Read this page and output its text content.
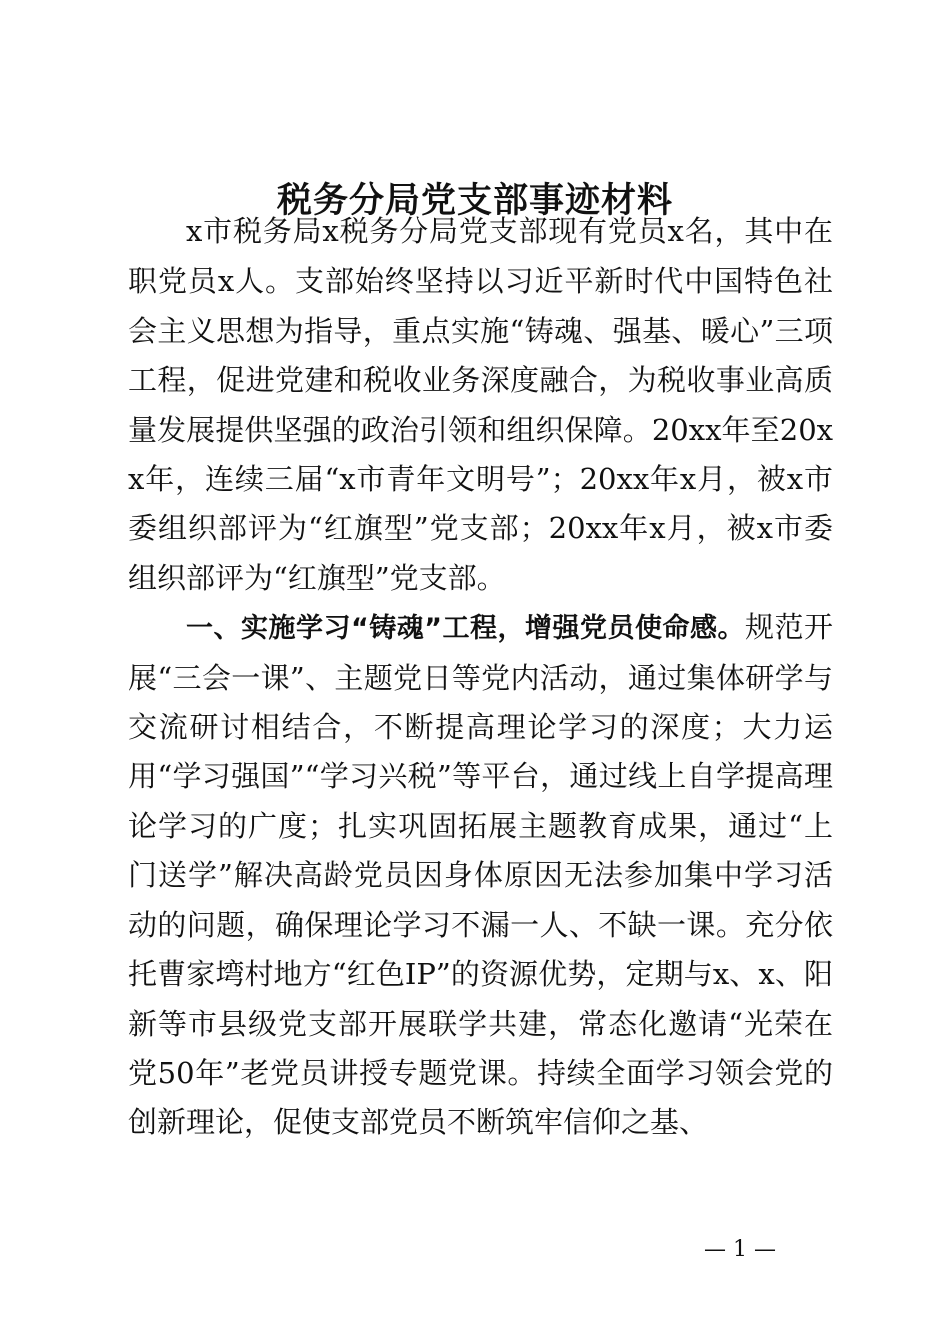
税务分局党支部事迹材料

x市税务局x税务分局党支部现有党员x名，其中在职党员x人。支部始终坚持以习近平新时代中国特色社会主义思想为指导，重点实施“铸魂、强基、暖心”三项工程，促进党建和税收业务深度融合，为税收事业高质量发展提供坚强的政治引领和组织保障。20xx年至20xx年，连续三届“x市青年文明号”；20xx年x月，被x市委组织部评为“红旗型”党支部；20xx年x月，被x市委组织部评为“红旗型”党支部。

一、实施学习“铸魂”工程，增强党员使命感。规范开展“三会一课”、主题党日等党内活动，通过集体研学与交流研讨相结合，不断提高理论学习的深度；大力运用“学习强国”“学习兴税”等平台，通过线上自学提高理论学习的广度；扎实巩固拓展主题教育成果，通过“上门送学”解决高龄党员因身体原因无法参加集中学习活动的问题，确保理论学习不漏一人、不缺一课。充分依托曹家塆村地方“红色IP”的资源优势，定期与x、x、阳新等市县级党支部开展联学共建，常态化邀请“光荣在党50年”老党员讲授专题党课。持续全面学习领会党的创新理论，促使支部党员不断筑牢信仰之基、

— 1 —
